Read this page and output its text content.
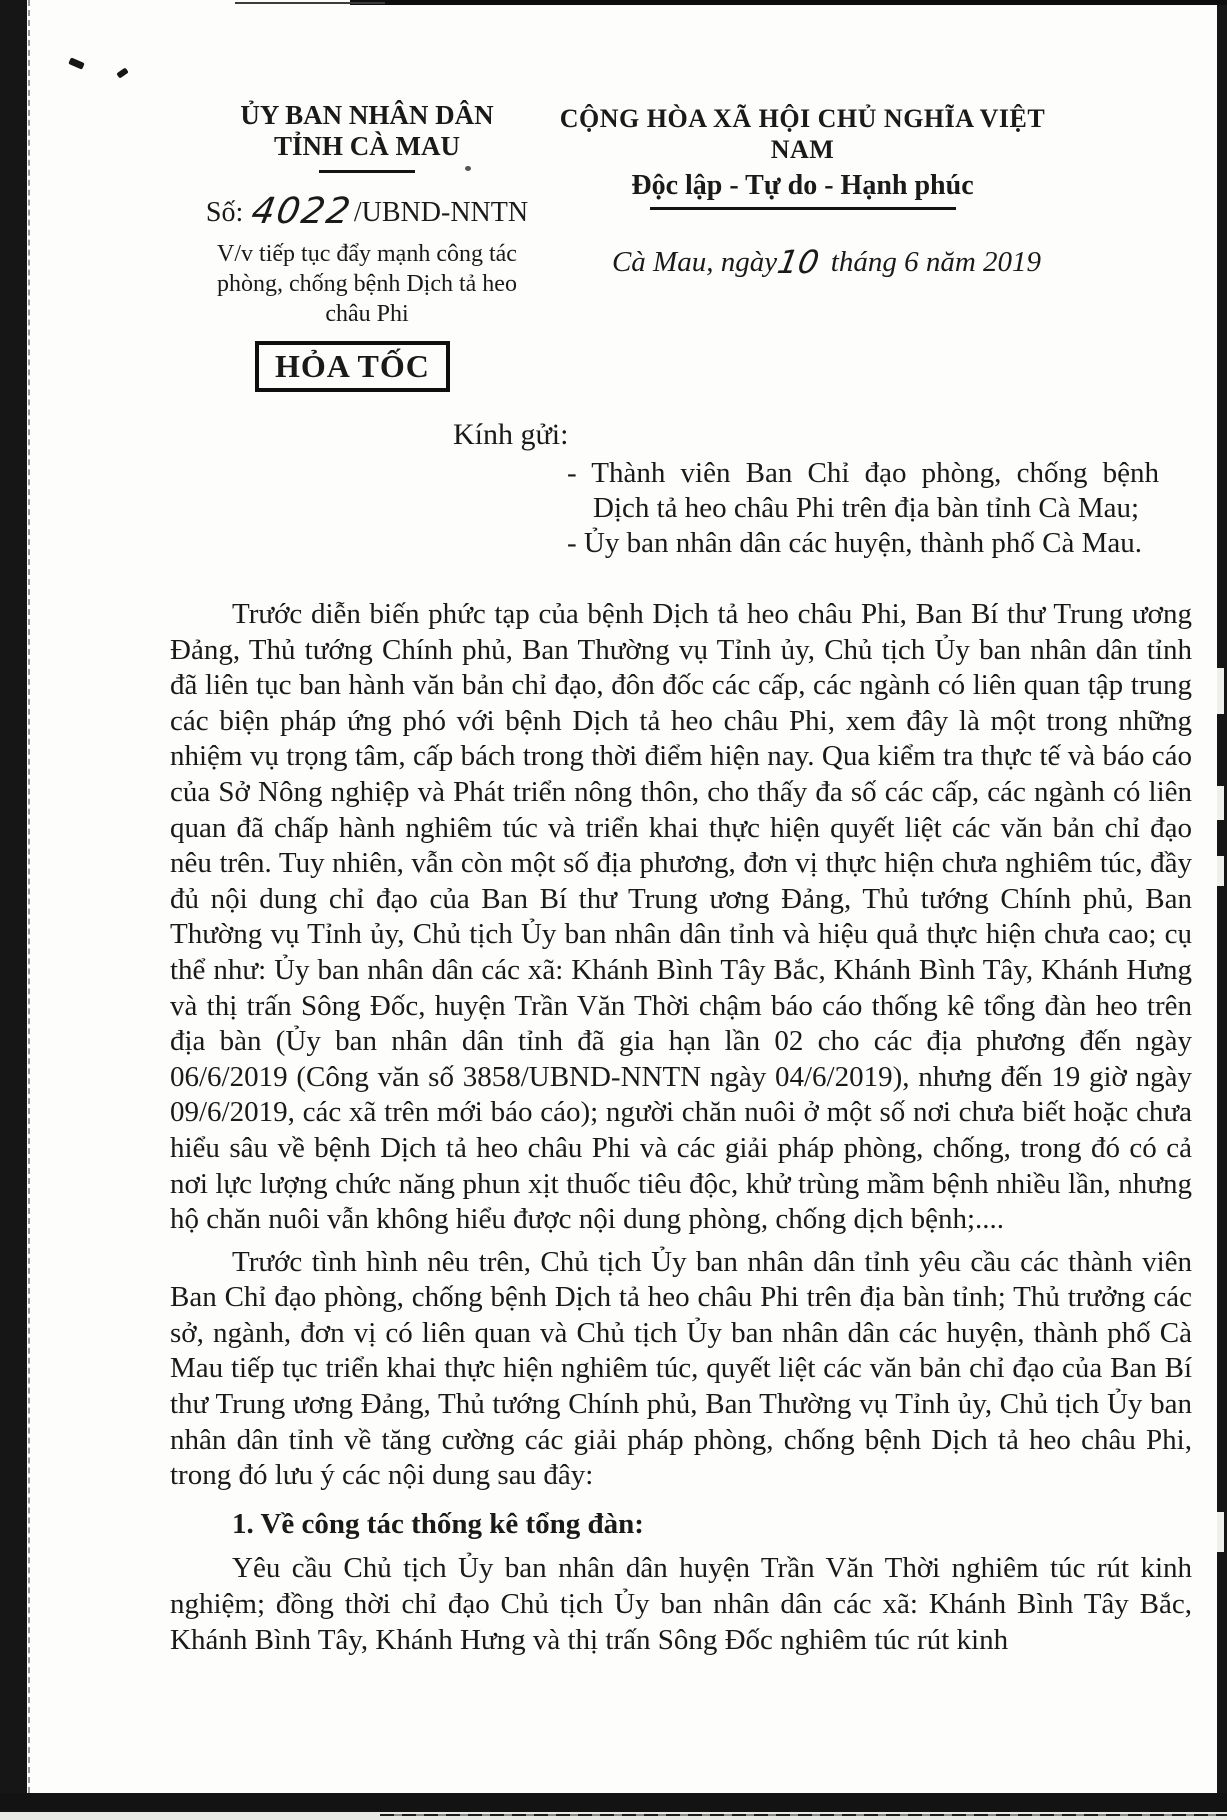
ỦY BAN NHÂN DÂN
TỈNH CÀ MAU
Số: 4022/UBND-NNTN
V/v tiếp tục đẩy mạnh công tác
phòng, chống bệnh Dịch tả heo
châu Phi
HỎA TỐC
CỘNG HÒA XÃ HỘI CHỦ NGHĨA VIỆT NAM
Độc lập - Tự do - Hạnh phúc
Cà Mau, ngày10 tháng 6 năm 2019
Kính gửi:
- Thành viên Ban Chỉ đạo phòng, chống bệnh Dịch tả heo châu Phi trên địa bàn tỉnh Cà Mau;
- Ủy ban nhân dân các huyện, thành phố Cà Mau.

Trước diễn biến phức tạp của bệnh Dịch tả heo châu Phi, Ban Bí thư Trung ương Đảng, Thủ tướng Chính phủ, Ban Thường vụ Tỉnh ủy, Chủ tịch Ủy ban nhân dân tỉnh đã liên tục ban hành văn bản chỉ đạo, đôn đốc các cấp, các ngành có liên quan tập trung các biện pháp ứng phó với bệnh Dịch tả heo châu Phi, xem đây là một trong những nhiệm vụ trọng tâm, cấp bách trong thời điểm hiện nay. Qua kiểm tra thực tế và báo cáo của Sở Nông nghiệp và Phát triển nông thôn, cho thấy đa số các cấp, các ngành có liên quan đã chấp hành nghiêm túc và triển khai thực hiện quyết liệt các văn bản chỉ đạo nêu trên. Tuy nhiên, vẫn còn một số địa phương, đơn vị thực hiện chưa nghiêm túc, đầy đủ nội dung chỉ đạo của Ban Bí thư Trung ương Đảng, Thủ tướng Chính phủ, Ban Thường vụ Tỉnh ủy, Chủ tịch Ủy ban nhân dân tỉnh và hiệu quả thực hiện chưa cao; cụ thể như: Ủy ban nhân dân các xã: Khánh Bình Tây Bắc, Khánh Bình Tây, Khánh Hưng và thị trấn Sông Đốc, huyện Trần Văn Thời chậm báo cáo thống kê tổng đàn heo trên địa bàn (Ủy ban nhân dân tỉnh đã gia hạn lần 02 cho các địa phương đến ngày 06/6/2019 (Công văn số 3858/UBND-NNTN ngày 04/6/2019), nhưng đến 19 giờ ngày 09/6/2019, các xã trên mới báo cáo); người chăn nuôi ở một số nơi chưa biết hoặc chưa hiểu sâu về bệnh Dịch tả heo châu Phi và các giải pháp phòng, chống, trong đó có cả nơi lực lượng chức năng phun xịt thuốc tiêu độc, khử trùng mầm bệnh nhiều lần, nhưng hộ chăn nuôi vẫn không hiểu được nội dung phòng, chống dịch bệnh;....

Trước tình hình nêu trên, Chủ tịch Ủy ban nhân dân tỉnh yêu cầu các thành viên Ban Chỉ đạo phòng, chống bệnh Dịch tả heo châu Phi trên địa bàn tỉnh; Thủ trưởng các sở, ngành, đơn vị có liên quan và Chủ tịch Ủy ban nhân dân các huyện, thành phố Cà Mau tiếp tục triển khai thực hiện nghiêm túc, quyết liệt các văn bản chỉ đạo của Ban Bí thư Trung ương Đảng, Thủ tướng Chính phủ, Ban Thường vụ Tỉnh ủy, Chủ tịch Ủy ban nhân dân tỉnh về tăng cường các giải pháp phòng, chống bệnh Dịch tả heo châu Phi, trong đó lưu ý các nội dung sau đây:

1. Về công tác thống kê tổng đàn:

Yêu cầu Chủ tịch Ủy ban nhân dân huyện Trần Văn Thời nghiêm túc rút kinh nghiệm; đồng thời chỉ đạo Chủ tịch Ủy ban nhân dân các xã: Khánh Bình Tây Bắc, Khánh Bình Tây, Khánh Hưng và thị trấn Sông Đốc nghiêm túc rút kinh
